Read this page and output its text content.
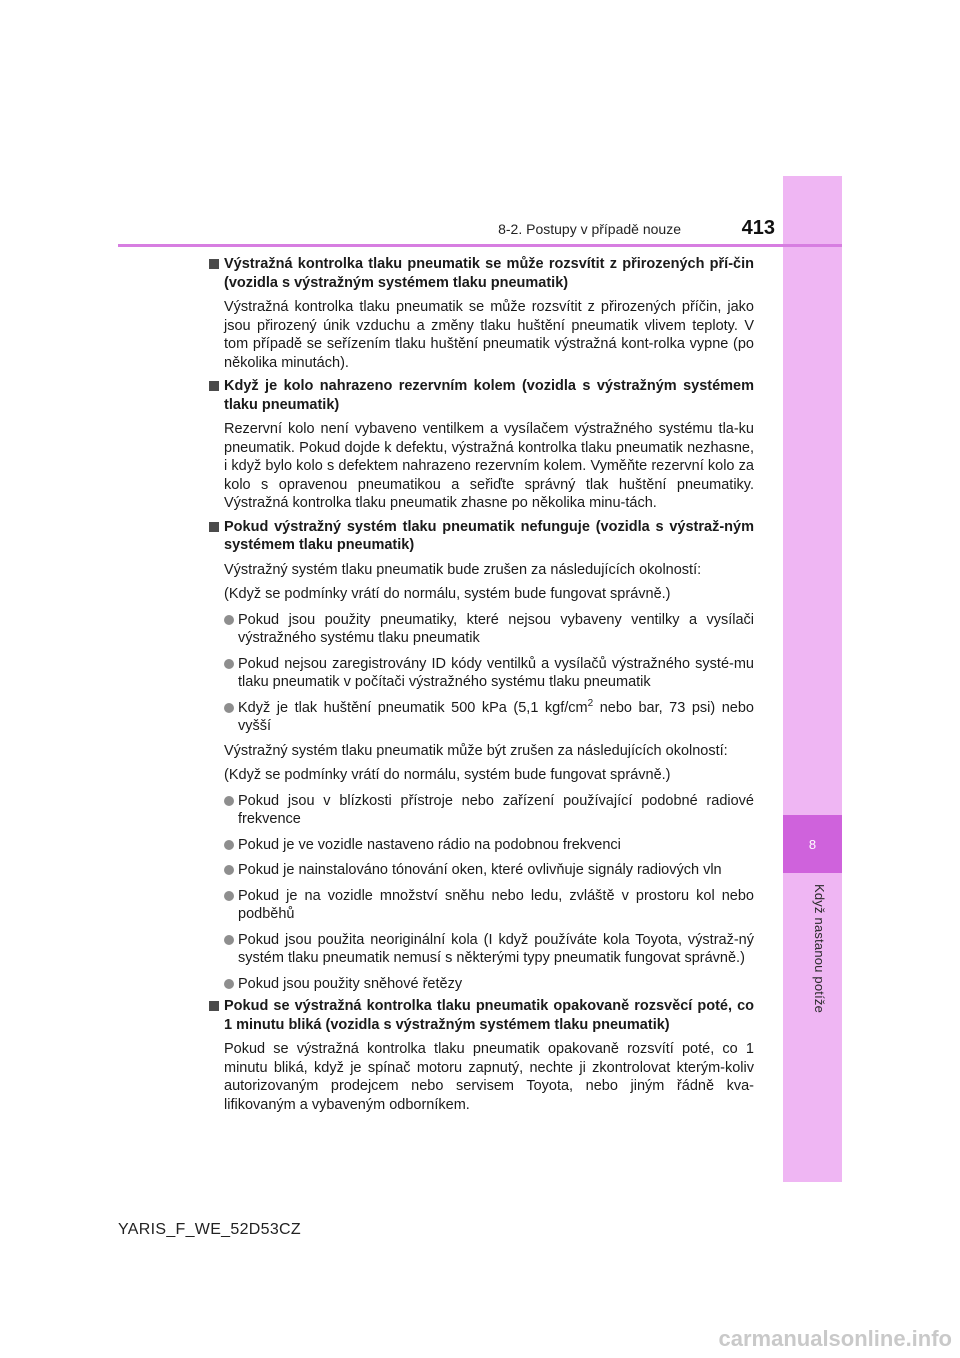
8
Když nastanou potíže
8-2. Postupy v případě nouze	413
Výstražná kontrolka tlaku pneumatik se může rozsvítit z přirozených pří-čin (vozidla s výstražným systémem tlaku pneumatik)
Výstražná kontrolka tlaku pneumatik se může rozsvítit z přirozených příčin, jako jsou přirozený únik vzduchu a změny tlaku huštění pneumatik vlivem teploty. V tom případě se seřízením tlaku huštění pneumatik výstražná kont-rolka vypne (po několika minutách).
Když je kolo nahrazeno rezervním kolem (vozidla s výstražným systémem tlaku pneumatik)
Rezervní kolo není vybaveno ventilkem a vysílačem výstražného systému tla-ku pneumatik. Pokud dojde k defektu, výstražná kontrolka tlaku pneumatik nezhasne, i když bylo kolo s defektem nahrazeno rezervním kolem. Vyměňte rezervní kolo za kolo s opravenou pneumatikou a seřiďte správný tlak huštění pneumatiky. Výstražná kontrolka tlaku pneumatik zhasne po několika minu-tách.
Pokud výstražný systém tlaku pneumatik nefunguje (vozidla s výstraž-ným systémem tlaku pneumatik)
Výstražný systém tlaku pneumatik bude zrušen za následujících okolností:
(Když se podmínky vrátí do normálu, systém bude fungovat správně.)
Pokud jsou použity pneumatiky, které nejsou vybaveny ventilky a vysílači výstražného systému tlaku pneumatik
Pokud nejsou zaregistrovány ID kódy ventilků a vysílačů výstražného systé-mu tlaku pneumatik v počítači výstražného systému tlaku pneumatik
Když je tlak huštění pneumatik 500 kPa (5,1 kgf/$cm^2$ nebo bar, 73 psi) nebo vyšší
Výstražný systém tlaku pneumatik může být zrušen za následujících okolností:
(Když se podmínky vrátí do normálu, systém bude fungovat správně.)
Pokud jsou v blízkosti přístroje nebo zařízení používající podobné radiové frekvence
Pokud je ve vozidle nastaveno rádio na podobnou frekvenci
Pokud je nainstalováno tónování oken, které ovlivňuje signály radiových vln
Pokud je na vozidle množství sněhu nebo ledu, zvláště v prostoru kol nebo podběhů
Pokud jsou použita neoriginální kola (I když používáte kola Toyota, výstraž-ný systém tlaku pneumatik nemusí s některými typy pneumatik fungovat správně.)
Pokud jsou použity sněhové řetězy
Pokud se výstražná kontrolka tlaku pneumatik opakovaně rozsvěcí poté, co 1 minutu bliká (vozidla s výstražným systémem tlaku pneumatik)
Pokud se výstražná kontrolka tlaku pneumatik opakovaně rozsvítí poté, co 1 minutu bliká, když je spínač motoru zapnutý, nechte ji zkontrolovat kterým-koliv autorizovaným prodejcem nebo servisem Toyota, nebo jiným řádně kva-lifikovaným a vybaveným odborníkem.
YARIS_F_WE_52D53CZ
carmanualsonline.info
